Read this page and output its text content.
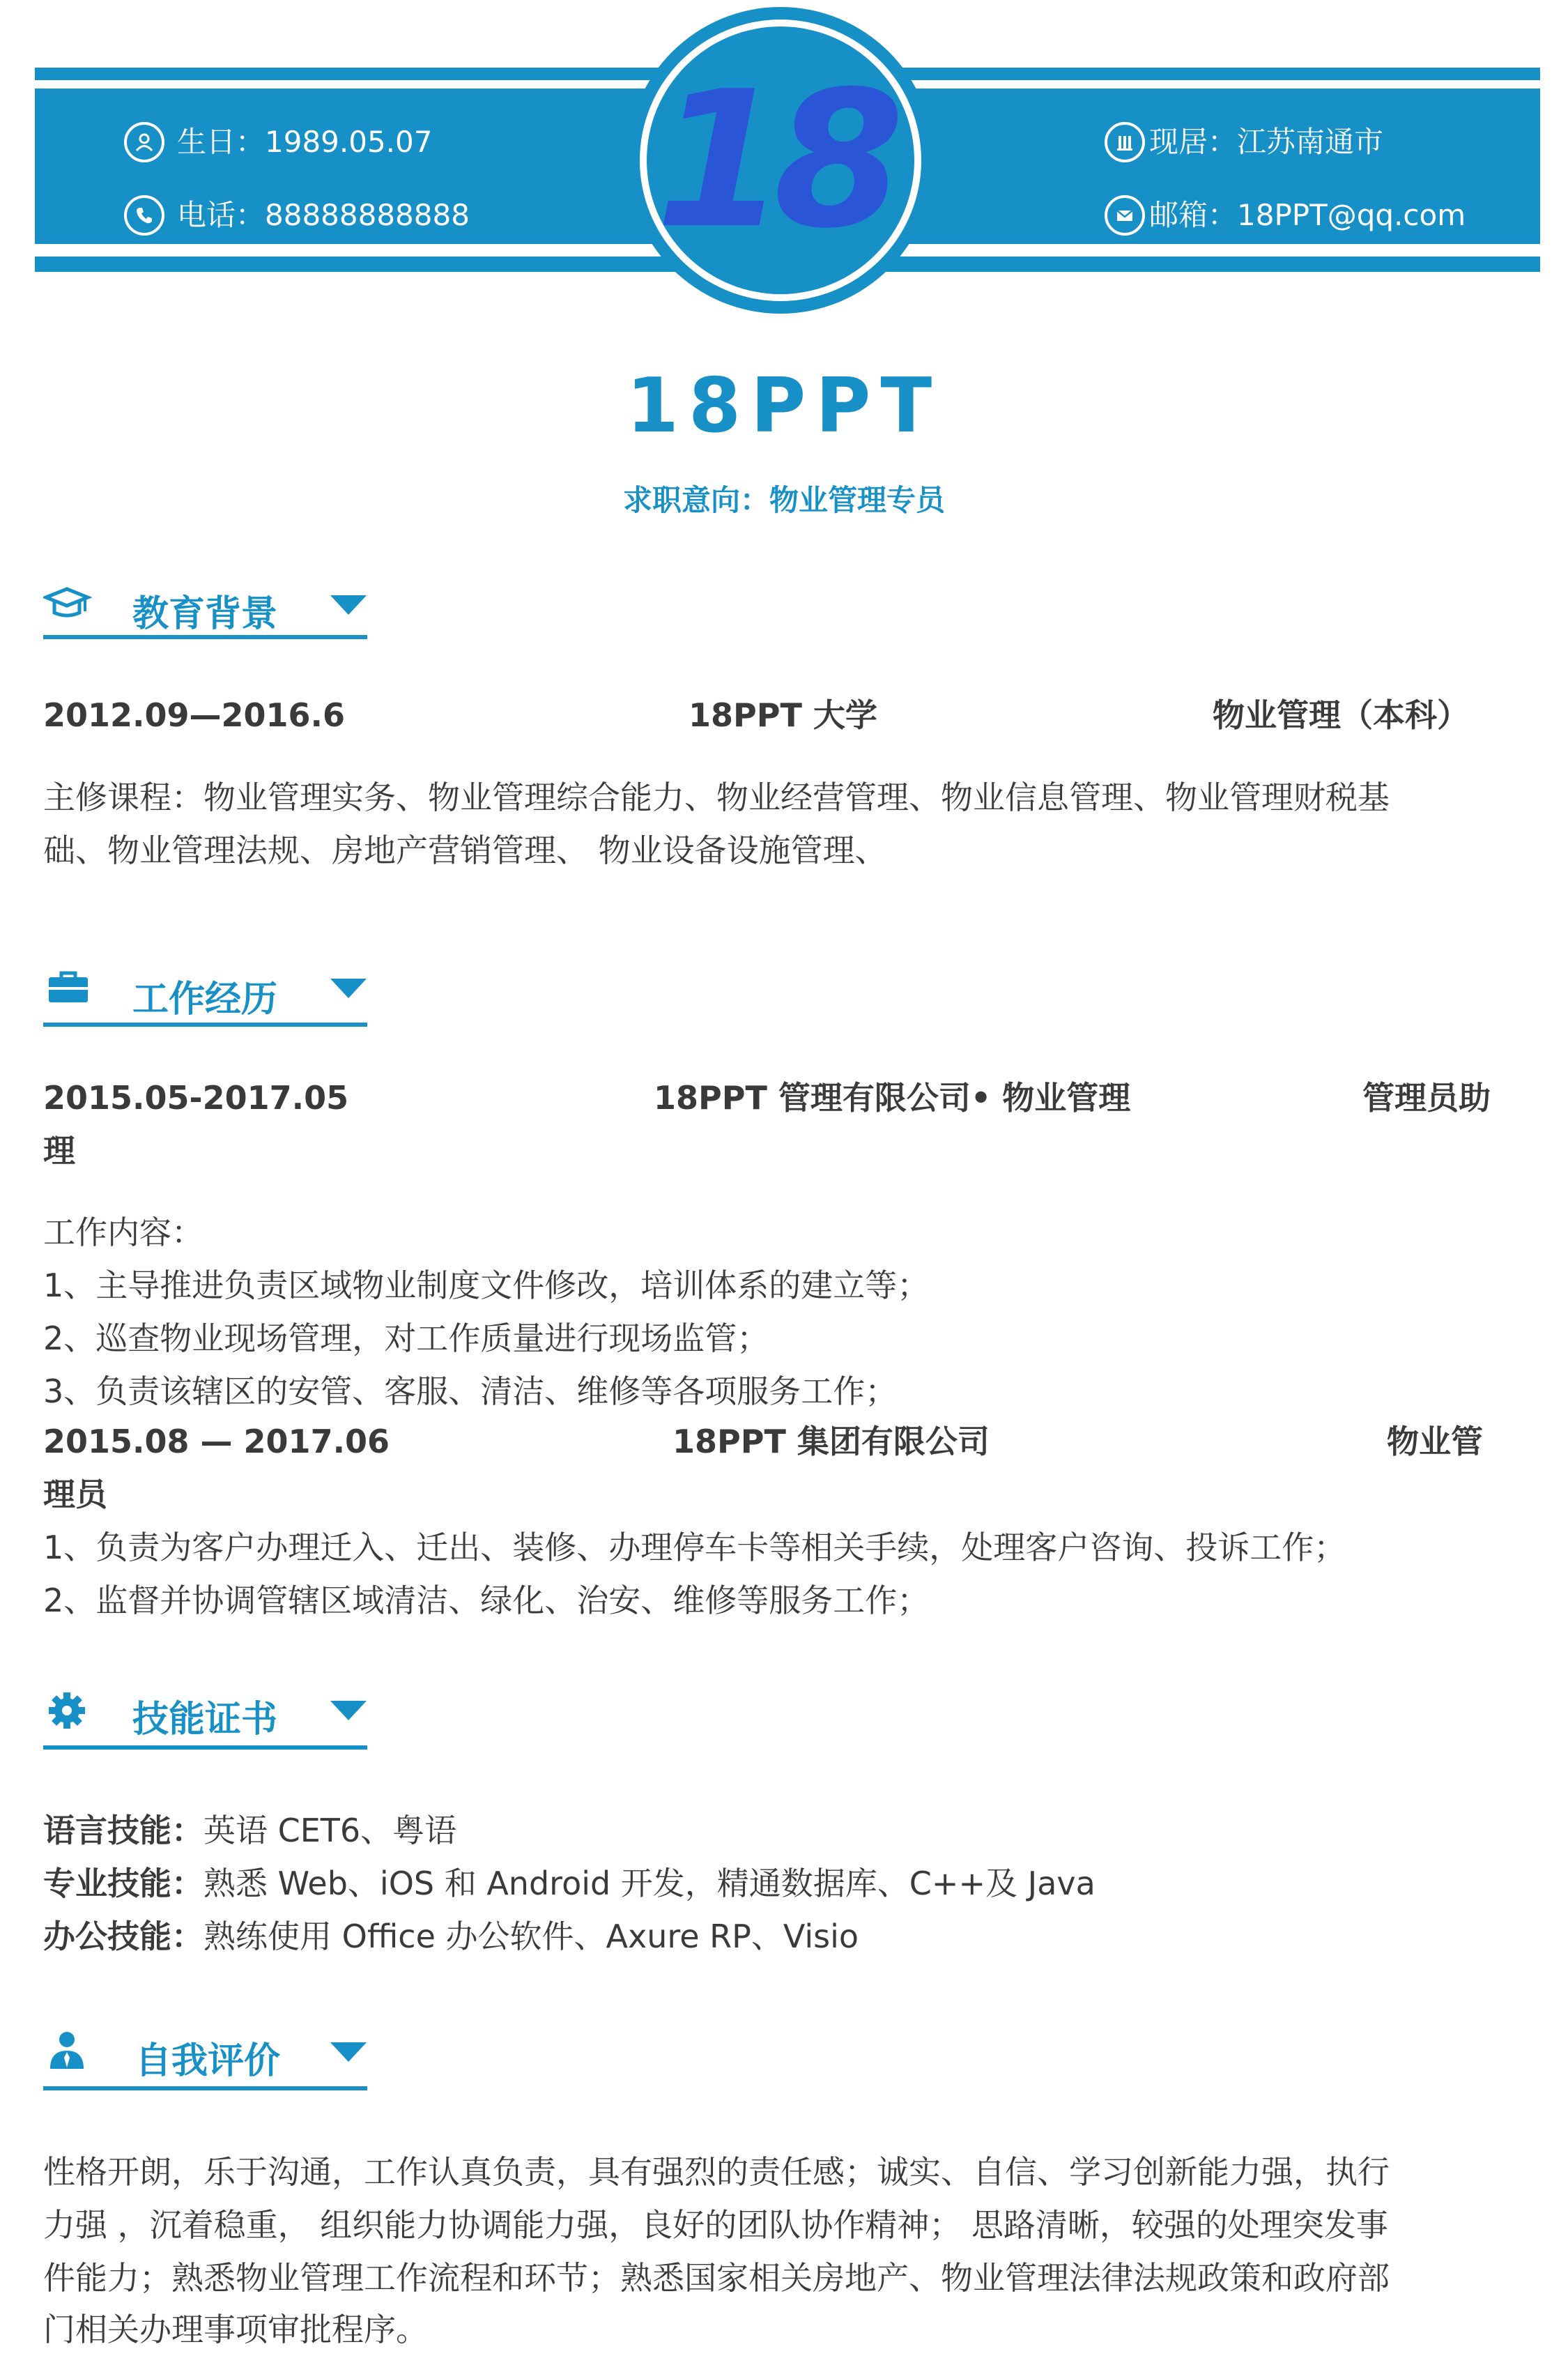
18
生日：1989.05.07
电话：88888888888
现居：江苏南通市
邮箱：18PPT@qq.com
18PPT
求职意向：物业管理专员
教育背景
2012.09—2016.6	18PPT 大学	物业管理（本科）
主修课程：物业管理实务、物业管理综合能力、物业经营管理、物业信息管理、物业管理财税基
础、物业管理法规、房地产营销管理、 物业设备设施管理、
工作经历
2015.05-2017.05	18PPT 管理有限公司• 物业管理	管理员助
理
工作内容：
1、主导推进负责区域物业制度文件修改，培训体系的建立等；
2、巡查物业现场管理，对工作质量进行现场监管；
3、负责该辖区的安管、客服、清洁、维修等各项服务工作；
2015.08 — 2017.06	18PPT 集团有限公司	物业管
理员
1、负责为客户办理迁入、迁出、装修、办理停车卡等相关手续，处理客户咨询、投诉工作；
2、监督并协调管辖区域清洁、绿化、治安、维修等服务工作；
技能证书
语言技能：英语 CET6、粤语
专业技能：熟悉 Web、iOS 和 Android 开发，精通数据库、C++及 Java
办公技能：熟练使用 Office 办公软件、Axure RP、Visio
自我评价
性格开朗，乐于沟通，工作认真负责，具有强烈的责任感；诚实、自信、学习创新能力强，执行
力强 ，沉着稳重， 组织能力协调能力强，良好的团队协作精神； 思路清晰，较强的处理突发事
件能力；熟悉物业管理工作流程和环节；熟悉国家相关房地产、物业管理法律法规政策和政府部
门相关办理事项审批程序。
